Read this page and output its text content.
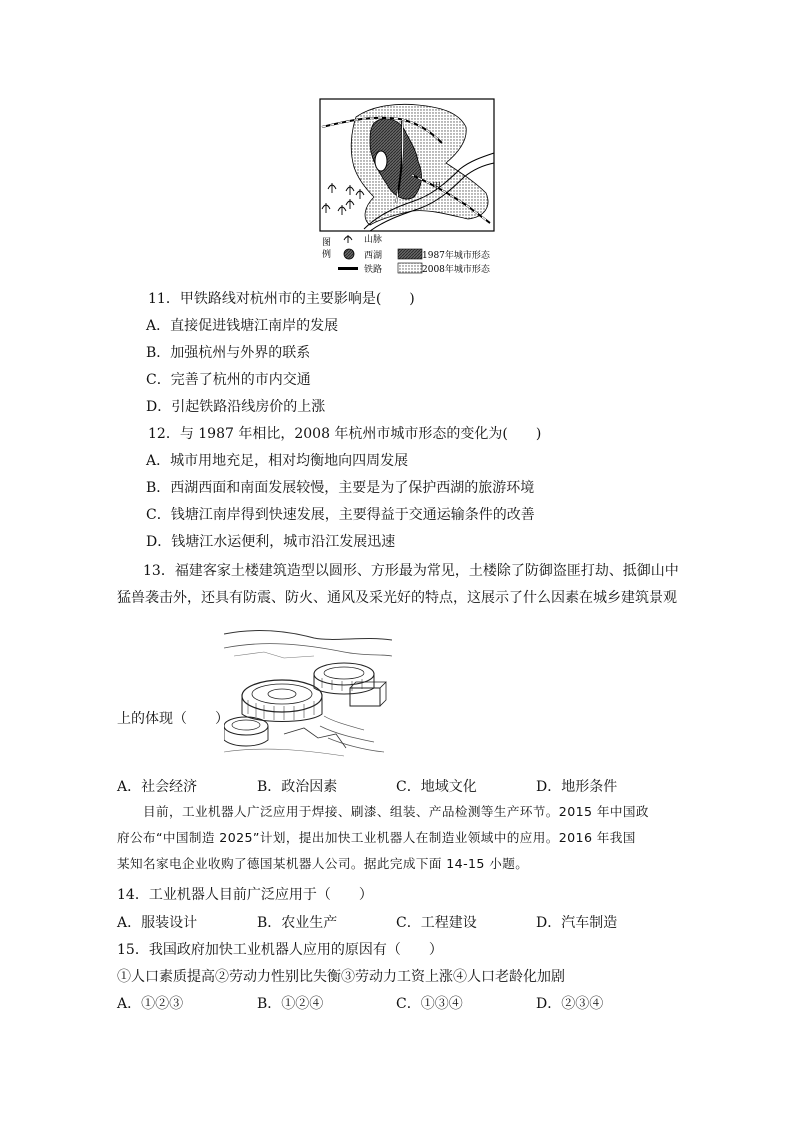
甲
图
例
山脉
西湖
铁路
1987年城市形态
2008年城市形态
11．甲铁路线对杭州市的主要影响是(　　)
A．直接促进钱塘江南岸的发展
B．加强杭州与外界的联系
C．完善了杭州的市内交通
D．引起铁路沿线房价的上涨
12．与 1987 年相比，2008 年杭州市城市形态的变化为(　　)
A．城市用地充足，相对均衡地向四周发展
B．西湖西面和南面发展较慢，主要是为了保护西湖的旅游环境
C．钱塘江南岸得到快速发展，主要得益于交通运输条件的改善
D．钱塘江水运便利，城市沿江发展迅速
13．福建客家土楼建筑造型以圆形、方形最为常见，土楼除了防御盗匪打劫、抵御山中
猛兽袭击外，还具有防震、防火、通风及采光好的特点，这展示了什么因素在城乡建筑景观
上的体现（　　）
A．社会经济	B．政治因素	C．地域文化	D．地形条件
目前，工业机器人广泛应用于焊接、刷漆、组装、产品检测等生产环节。2015 年中国政
府公布“中国制造 2025”计划，提出加快工业机器人在制造业领域中的应用。2016 年我国
某知名家电企业收购了德国某机器人公司。据此完成下面 14-15 小题。
14．工业机器人目前广泛应用于（　　）
A．服装设计	B．农业生产	C．工程建设	D．汽车制造
15．我国政府加快工业机器人应用的原因有（　　）
①人口素质提高②劳动力性别比失衡③劳动力工资上涨④人口老龄化加剧
A．①②③	B．①②④	C．①③④	D．②③④
